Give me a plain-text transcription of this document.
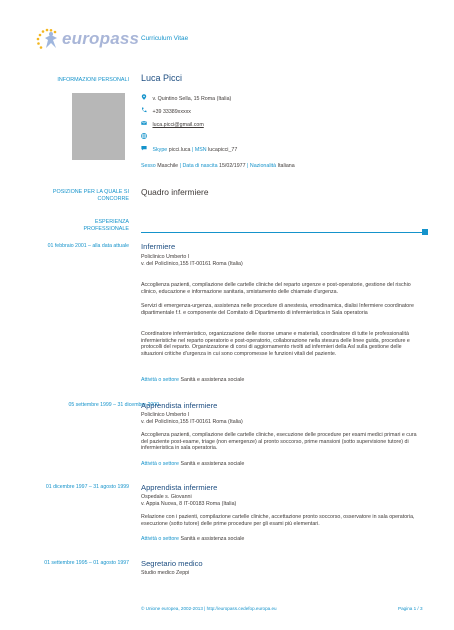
europass Curriculum Vitae
INFORMAZIONI PERSONALI Luca Picci
v. Quintino Sella, 15 Roma (Italia)
+39 33389xxxxx
luca.picci@gmail.com
Skype picci.luca | MSN lucapicci_77
Sesso Maschile | Data di nascita 15/02/1977 | Nazionalità Italiana
POSIZIONE PER LA QUALE SI CONCORRE
Quadro infermiere
ESPERIENZA PROFESSIONALE
01 febbraio 2001 – alla data attuale Infermiere
Policlinico Umberto I
v. del Policlinico,155 IT-00161 Roma (Italia)
Accoglienza pazienti, compilazione delle cartelle cliniche del reparto urgenze e post-operatorie, gestione del rischio clinico, educazione e informazione sanitaria, smistamento delle chiamate d'urgenza.
Servizi di emergenza-urgenza, assistenza nelle procedure di anestesia, emodinamica, dialisi Infermiere coordinatore dipartimentale f.f. e componente del Comitato di Dipartimento di infermieristica in Sala operatoria
Coordinatore infermieristico, organizzazione delle risorse umane e materiali, coordinatore di tutte le professionalità infermieristiche nel reparto operatorio e post-operatorio, collaborazione nella stesura delle linee guida, procedure e protocolli del reparto. Organizzazione di corsi di aggiornamento rivolti ad infermieri della Asl sulla gestione delle situazioni critiche d'urgenza in cui sono compromesse le funzioni vitali del paziente.
Attività o settore Sanità e assistenza sociale
05 settembre 1999 – 31 dicembre 2000
Apprendista infermiere
Policlinico Umberto I
v. del Policlinico,155 IT-00161 Roma (Italia)
Accoglienza pazienti, compilazione delle cartelle cliniche, esecuzione delle procedure per esami medici primari e cura del paziente post-esame, triage (non emergenze) al pronto soccorso, prime mansioni (sotto supervisione tutore) di infermieristica in sala operatoria.
Attività o settore Sanità e assistenza sociale
01 dicembre 1997 – 31 agosto 1999 Apprendista infermiere
Ospedale s. Giovanni
v. Appia Nuova, 8 IT-00183 Roma (Italia)
Relazione con i pazienti, compilazione cartelle cliniche, accettazione pronto soccorso, osservatore in sala operatoria, esecuzione (sotto tutore) delle prime procedure per gli esami più elementari.
Attività o settore Sanità e assistenza sociale
01 settembre 1995 – 01 agosto 1997 Segretario medico
Studio medico Zeppi
© Unione europea, 2002-2013 | http://europass.cedefop.europa.eu	Pagina 1 / 3
